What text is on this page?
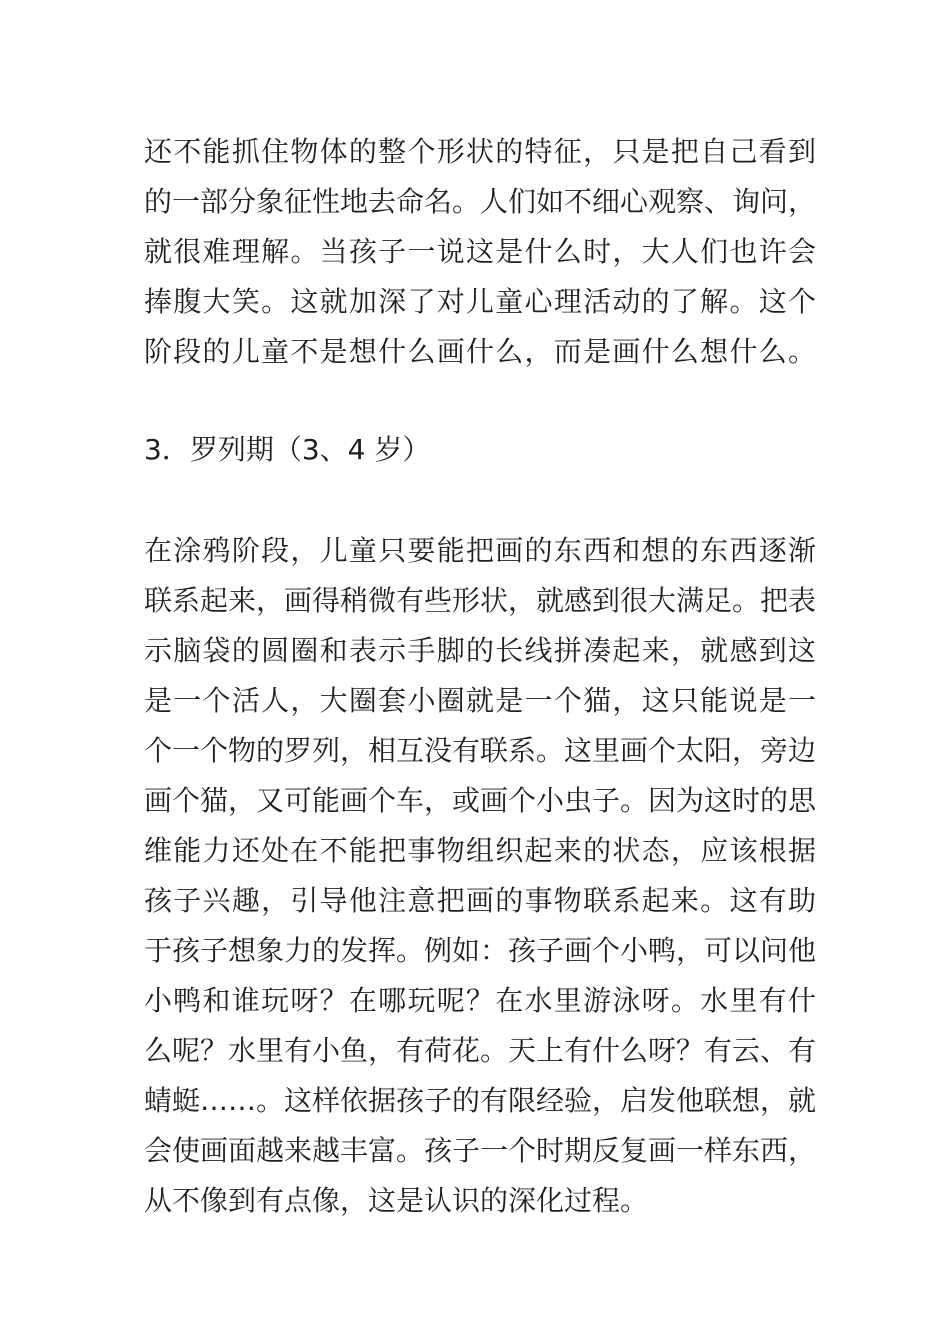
还不能抓住物体的整个形状的特征，只是把自己看到
的一部分象征性地去命名。人们如不细心观察、询问，
就很难理解。当孩子一说这是什么时，大人们也许会
捧腹大笑。这就加深了对儿童心理活动的了解。这个
阶段的儿童不是想什么画什么，而是画什么想什么。
3．罗列期（3、4 岁）
在涂鸦阶段，儿童只要能把画的东西和想的东西逐渐
联系起来，画得稍微有些形状，就感到很大满足。把表
示脑袋的圆圈和表示手脚的长线拼凑起来，就感到这
是一个活人，大圈套小圈就是一个猫，这只能说是一
个一个物的罗列，相互没有联系。这里画个太阳，旁边
画个猫，又可能画个车，或画个小虫子。因为这时的思
维能力还处在不能把事物组织起来的状态，应该根据
孩子兴趣，引导他注意把画的事物联系起来。这有助
于孩子想象力的发挥。例如：孩子画个小鸭，可以问他
小鸭和谁玩呀？在哪玩呢？在水里游泳呀。水里有什
么呢？水里有小鱼，有荷花。天上有什么呀？有云、有
蜻蜓……。这样依据孩子的有限经验，启发他联想，就
会使画面越来越丰富。孩子一个时期反复画一样东西，
从不像到有点像，这是认识的深化过程。
